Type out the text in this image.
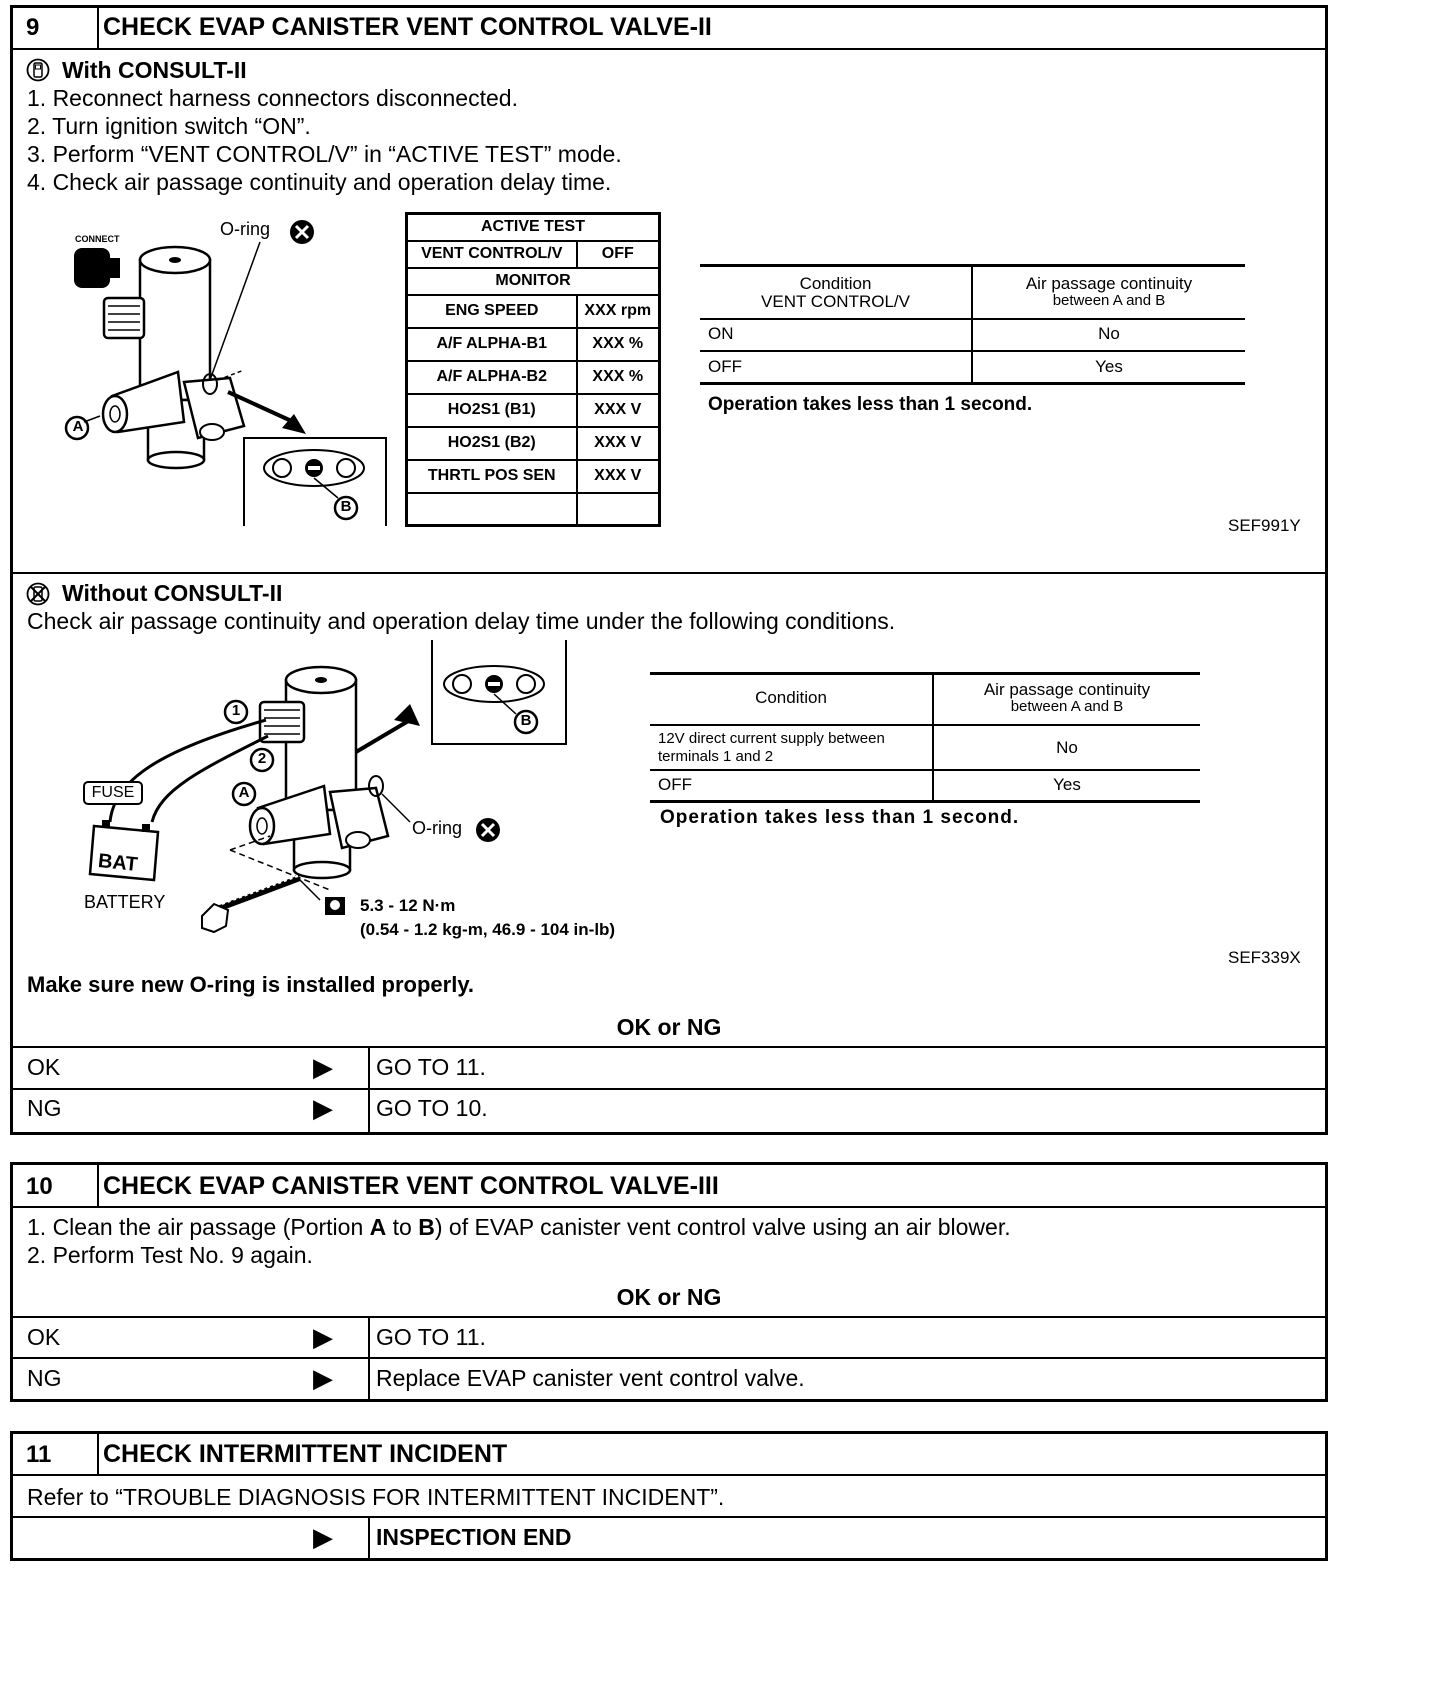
9	CHECK EVAP CANISTER VENT CONTROL VALVE-II
With CONSULT-II
1. Reconnect harness connectors disconnected.
2. Turn ignition switch “ON”.
3. Perform “VENT CONTROL/V” in “ACTIVE TEST” mode.
4. Check air passage continuity and operation delay time.
CONNECT	O-ring
A
B
ACTIVE TEST	
VENT CONTROL/V	OFF
MONITOR	
ENG SPEED	XXX rpm
A/F ALPHA-B1	XXX %
A/F ALPHA-B2	XXX %
HO2S1 (B1)	XXX V
HO2S1 (B2)	XXX V
THRTL POS SEN	XXX V

Condition
VENT CONTROL/V
Air passage continuity
between A and B
ON	No
OFF	Yes
Operation takes less than 1 second.
SEF991Y
Without CONSULT-II
Check air passage continuity and operation delay time under the following conditions.
FUSE
BAT
BATTERY
1
2
A
B
O-ring
5.3 - 12 N·m
(0.54 - 1.2 kg-m, 46.9 - 104 in-lb)
Condition	Air passage continuity
between A and B
12V direct current supply between
terminals 1 and 2	No
OFF	Yes
Operation takes less than 1 second.
SEF339X
Make sure new O-ring is installed properly.
OK or NG
OK	▶ GO TO 11.
NG	▶ GO TO 10.
10 CHECK EVAP CANISTER VENT CONTROL VALVE-III
1. Clean the air passage (Portion A to B) of EVAP canister vent control valve using an air blower.
2. Perform Test No. 9 again.
OK or NG
OK	▶ GO TO 11.
NG	▶ Replace EVAP canister vent control valve.
11 CHECK INTERMITTENT INCIDENT
Refer to “TROUBLE DIAGNOSIS FOR INTERMITTENT INCIDENT”.
▶ INSPECTION END
